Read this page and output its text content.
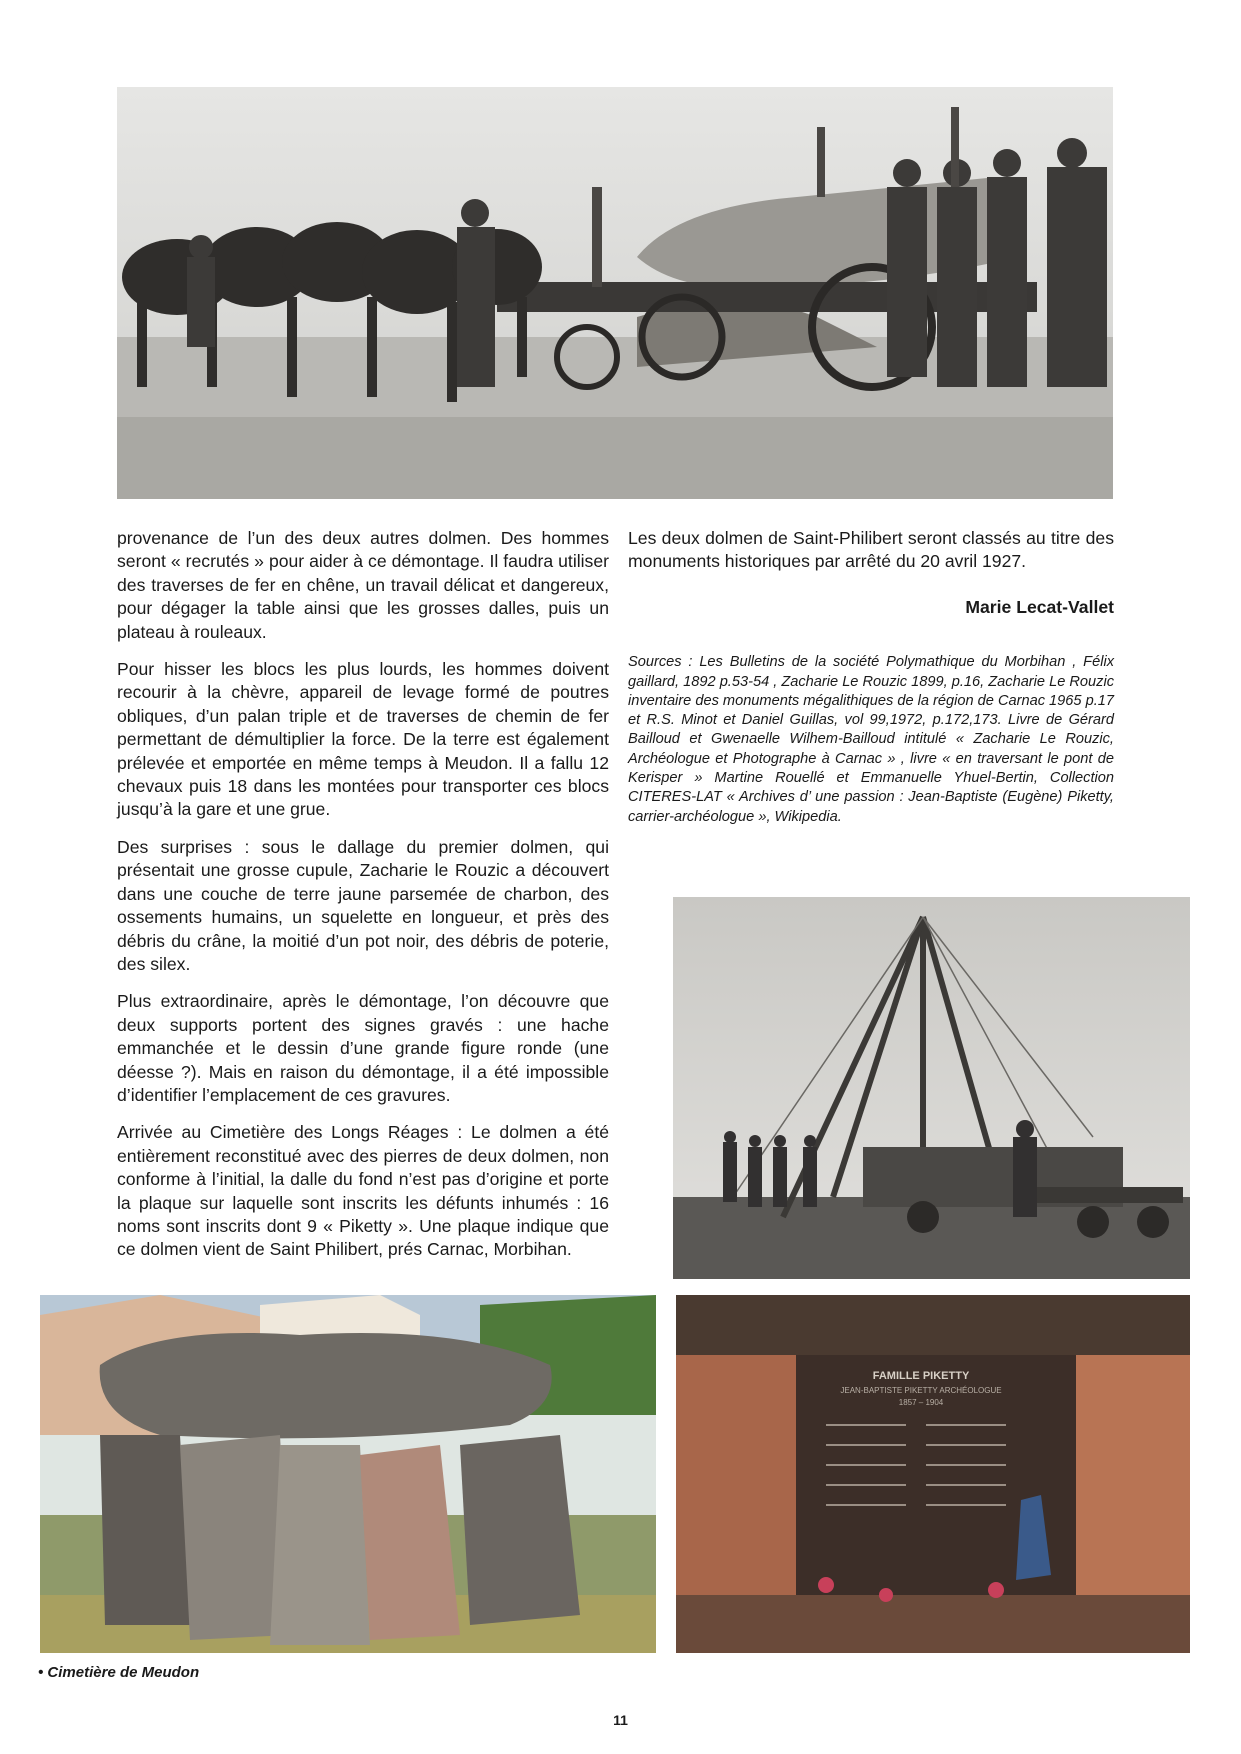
provenance de l’un des deux autres dolmen. Des hommes seront « recrutés » pour aider à ce démontage. Il faudra utiliser des traverses de fer en chêne, un travail délicat et dangereux, pour dégager la table ainsi que les grosses dalles, puis un plateau à rouleaux.

Pour hisser les blocs les plus lourds, les hommes doivent recourir à la chèvre, appareil de levage formé de poutres obliques, d’un palan triple et de traverses de chemin de fer permettant de démultiplier la force. De la terre est également prélevée et emportée en même temps à Meudon. Il a fallu 12 chevaux puis 18 dans les montées pour transporter ces blocs jusqu’à la gare et une grue.

Des surprises : sous le dallage du premier dolmen, qui présentait une grosse cupule, Zacharie le Rouzic a découvert dans une couche de terre jaune parsemée de charbon, des ossements humains, un squelette en longueur, et près des débris du crâne, la moitié d’un pot noir, des débris de poterie, des silex.

Plus extraordinaire, après le démontage, l’on découvre que deux supports portent des signes gravés : une hache emmanchée et le dessin d’une grande figure ronde (une déesse ?). Mais en raison du démontage, il a été impossible d’identifier l’emplacement de ces gravures.

Arrivée au Cimetière des Longs Réages : Le dolmen a été entièrement reconstitué avec des pierres de deux dolmen, non conforme à l’initial, la dalle du fond n’est pas d’origine et porte la plaque sur laquelle sont inscrits les défunts inhumés : 16 noms sont inscrits dont 9 « Piketty ». Une plaque indique que ce dolmen vient de Saint Philibert, prés Carnac, Morbihan.

Les deux dolmen de Saint-Philibert seront classés au titre des monuments historiques par arrêté du 20 avril 1927.

Marie Lecat-Vallet
Sources : Les Bulletins de la société Polymathique du Morbihan , Félix gaillard, 1892 p.53-54 , Zacharie Le Rouzic 1899, p.16, Zacharie Le Rouzic inventaire des monuments mégalithiques de la région de Carnac 1965 p.17 et R.S. Minot et Daniel Guillas, vol 99,1972, p.172,173. Livre de Gérard Bailloud et Gwenaelle Wilhem-Bailloud intitulé « Zacharie Le Rouzic, Archéologue et Photographe à Carnac » , livre « en traversant le pont de Kerisper » Martine Rouellé et Emmanuelle Yhuel-Bertin, Collection CITERES-LAT « Archives d’ une passion : Jean-Baptiste (Eugène) Piketty, carrier-archéologue », Wikipedia.
FAMILLE PIKETTY
JEAN-BAPTISTE PIKETTY ARCHÉOLOGUE
1857 – 1904
• Cimetière de Meudon
11
